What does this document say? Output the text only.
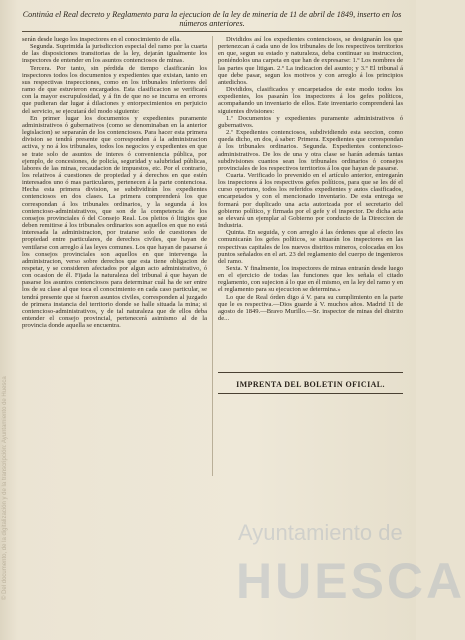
Continúa el Real decreto y Reglamento para la ejecucion de la ley de mineria de 11 de abril de 1849, inserto en los números anteriores.

serán desde luego los inspectores en el conocimiento de ella.

Segunda. Suprimida la jurisdiccion especial del ramo por la cuarta de las disposiciones transitorias de la ley, dejarán igualmente los inspectores de entender en los asuntos contenciosos de minas.

Tercera. Por tanto, sin pérdida de tiempo clasificarán los inspectores todos los documentos y expedientes que existan, tanto en sus respectivas inspecciones, como en los tribunales inferiores del ramo de que estuvieron encargados. Esta clasificacion se verificará con la mayor escrupulosidad, y á fin de que no se incurra en errores que pudieran dar lugar á dilaciones y entorpecimientos en perjuicio del servicio, se ejecutará del modo siguiente:

En primer lugar los documentos y expedientes puramente administrativos ó gubernativos (como se denominaban en la anterior legislacion) se separarán de los contenciosos. Para hacer esta primera division se tendrá presente que corresponden á la administracion activa, y no á los tribunales, todos los negocios y expedientes en que se trate solo de asuntos de interes ó conveniencia pública, por ejemplo, de concesiones, de policía, seguridad y salubridad públicas, labores de las minas, recaudacion de impuestos, etc. Por el contrario, los relativos á cuestiones de propiedad y á derechos en que estén interesados uno ó mas particulares, pertenecen á la parte contenciosa. Hecha esta primera division, se subdividirán los expedientes contenciosos en dos clases. La primera comprenderá los que correspondan á los tribunales ordinarios, y la segunda á los contencioso-administrativos, que son de la competencia de los consejos provinciales ó del Consejo Real. Los pleitos ó litigios que deben remitirse á los tribunales ordinarios son aquellos en que no está interesada la administracion, por tratarse solo de cuestiones de propiedad entre particulares, de derechos civiles, que hayan de ventilarse con arreglo á las leyes comunes. Los que hayan de pasarse á los consejos provinciales son aquellos en que intervenga la administracion, verso sobre derechos que esta tiene obligacion de respetar, y se consideren afectados por algun acto administrativo, ó con ocasion de él. Fijada la naturaleza del tribunal á que hayan de pasarse los asuntos contenciosos para determinar cuál ha de ser entre los de su clase al que toca el conocimiento en cada caso particular, se tendrá presente que si fueron asuntos civiles, corresponden al juzgado de primera instancia del territorio donde se halle situada la mina; si contencioso-administrativos, y de tal naturaleza que de ellos deba entender el consejo provincial, pertenecerá asimismo al de la provincia donde aquella se encuentra.

Divididos así los expedientes contenciosos, se designarán los que pertenezcan á cada uno de los tribunales de los respectivos territorios en que, segun su estado y naturaleza, deba continuar su instruccion, poniéndolos una carpeta en que han de expresarse: 1.º Los nombres de las partes que litigan. 2.º La indicacion del asunto; y 3.º El tribunal á que debe pasar, segun los motivos y con arreglo á los principios antedichos.

Divididos, clasificados y encarpetados de este modo todos los expedientes, los pasarán los inspectores á los gefes políticos, acompañando un inventario de ellos. Este inventario comprenderá las siguientes divisiones:

1.ª Documentos y expedientes puramente administrativos ó gubernativos.

2.ª Expedientes contenciosos, subdividiendo esta seccion, como queda dicho, en dos, á saber: Primera. Expedientes que correspondan á los tribunales ordinarios. Segunda. Expedientes contencioso-administrativos. De los de una y otra clase se harán además tantas subdivisiones cuantos sean los tribunales ordinarios ó consejos provinciales de los respectivos territorios á los que hayan de pasarse.

Cuarta. Verificado lo prevenido en el artículo anterior, entregarán los inspectores á los respectivos gefes políticos, para que se les dé el curso oportuno, todos los referidos expedientes y autos clasificados, encarpetados y con el mencionado inventario. De esta entrega se formará por duplicado una acta autorizada por el secretario del gobierno político, y firmada por el gefe y el inspector. De dicha acta se elevará un ejemplar al Gobierno por conducto de la Direccion de Industria.

Quinta. En seguida, y con arreglo á las órdenes que al efecto les comunicarán los gefes políticos, se situarán los inspectores en las respectivas capitales de los nuevos distritos mineros, colocadas en los puntos señalados en el art. 23 del reglamento del cuerpo de ingenieros del ramo.

Sexta. Y finalmente, los inspectores de minas entrarán desde luego en el ejercicio de todas las funciones que les señala el citado reglamento, con sujecion á lo que en él mismo, en la ley del ramo y en el reglamento para su ejecucion se determina.»

Lo que de Real órden digo á V. para su cumplimiento en la parte que le es respectiva.—Dios guarde á V. muchos años. Madrid 11 de agosto de 1849.—Bravo Murillo.—Sr. inspector de minas del distrito de...

IMPRENTA DEL BOLETIN OFICIAL.
Ayuntamiento de
HUESCA
© Del documento, de la digitalización y de la transcripción: Ayuntamiento de Huesca
